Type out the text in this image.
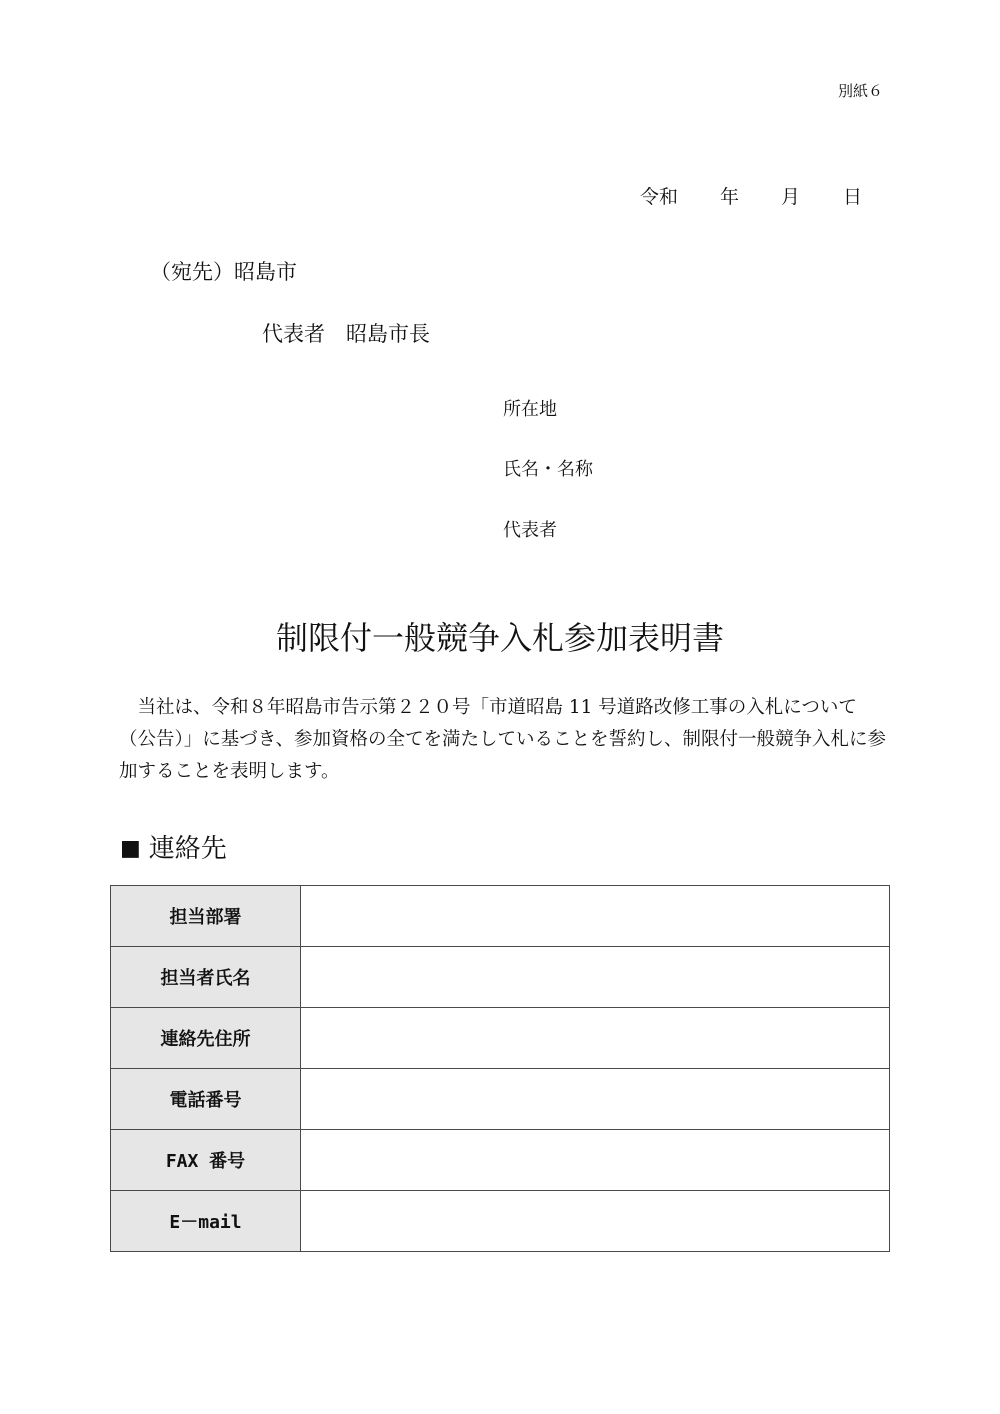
別紙６
令和 年 月 日
（宛先）昭島市
代表者　昭島市長
所在地
氏名・名称
代表者
制限付一般競争入札参加表明書
当社は、令和８年昭島市告示第２２０号「市道昭島 11 号道路改修工事の入札について（公告）」に基づき、参加資格の全てを満たしていることを誓約し、制限付一般競争入札に参加することを表明します。
■ 連絡先
担当部署	
担当者氏名	
連絡先住所	
電話番号	
FAX 番号	
E－mail	
